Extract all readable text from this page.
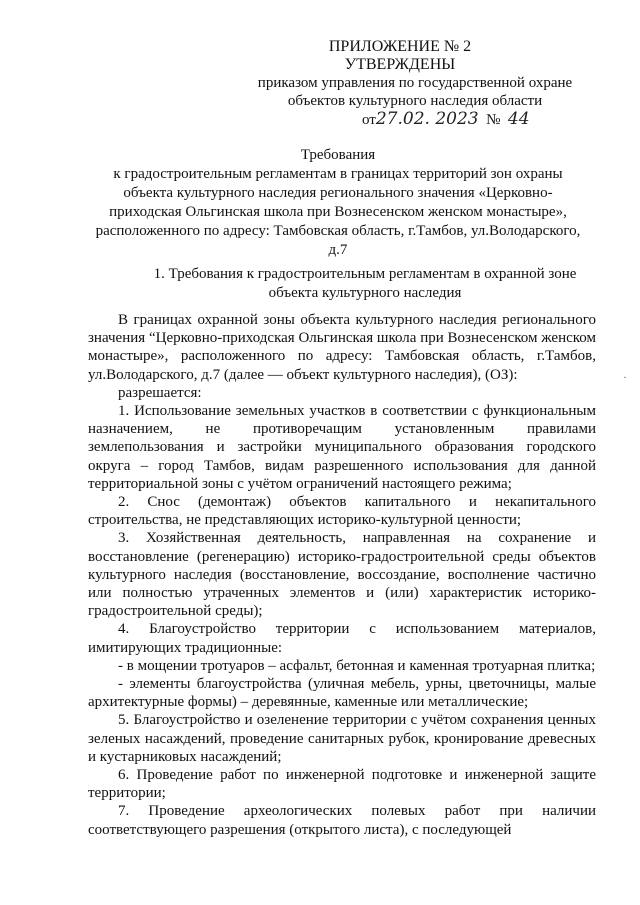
ПРИЛОЖЕНИЕ № 2
УТВЕРЖДЕНЫ
приказом управления по государственной охране
объектов культурного наследия области
от27.02. 2023 № 44
Требования
к градостроительным регламентам в границах территорий зон охраны
объекта культурного наследия регионального значения «Церковно-
приходская Ольгинская школа при Вознесенском женском монастыре»,
расположенного по адресу: Тамбовская область, г.Тамбов, ул.Володарского,
д.7
1. Требования к градостроительным регламентам в охранной зоне
объекта культурного наследия

В границах охранной зоны объекта культурного наследия регионального значения “Церковно-приходская Ольгинская школа при Вознесенском женском монастыре», расположенного по адресу: Тамбовская область, г.Тамбов, ул.Володарского, д.7 (далее — объект культурного наследия), (ОЗ):

разрешается:

1. Использование земельных участков в соответствии с функциональным назначением, не противоречащим установленным правилами землепользования и застройки муниципального образования городского округа – город Тамбов, видам разрешенного использования для данной территориальной зоны с учётом ограничений настоящего режима;

2. Снос (демонтаж) объектов капитального и некапитального строительства, не представляющих историко-культурной ценности;

3. Хозяйственная деятельность, направленная на сохранение и восстановление (регенерацию) историко-градостроительной среды объектов культурного наследия (восстановление, воссоздание, восполнение частично или полностью утраченных элементов и (или) характеристик историко-градостроительной среды);

4. Благоустройство территории с использованием материалов, имитирующих традиционные:

- в мощении тротуаров – асфальт, бетонная и каменная тротуарная плитка;

- элементы благоустройства (уличная мебель, урны, цветочницы, малые архитектурные формы) – деревянные, каменные или металлические;

5. Благоустройство и озеленение территории с учётом сохранения ценных зеленых насаждений, проведение санитарных рубок, кронирование древесных и кустарниковых насаждений;

6. Проведение работ по инженерной подготовке и инженерной защите территории;

7. Проведение археологических полевых работ при наличии соответствующего разрешения (открытого листа), с последующей

·
